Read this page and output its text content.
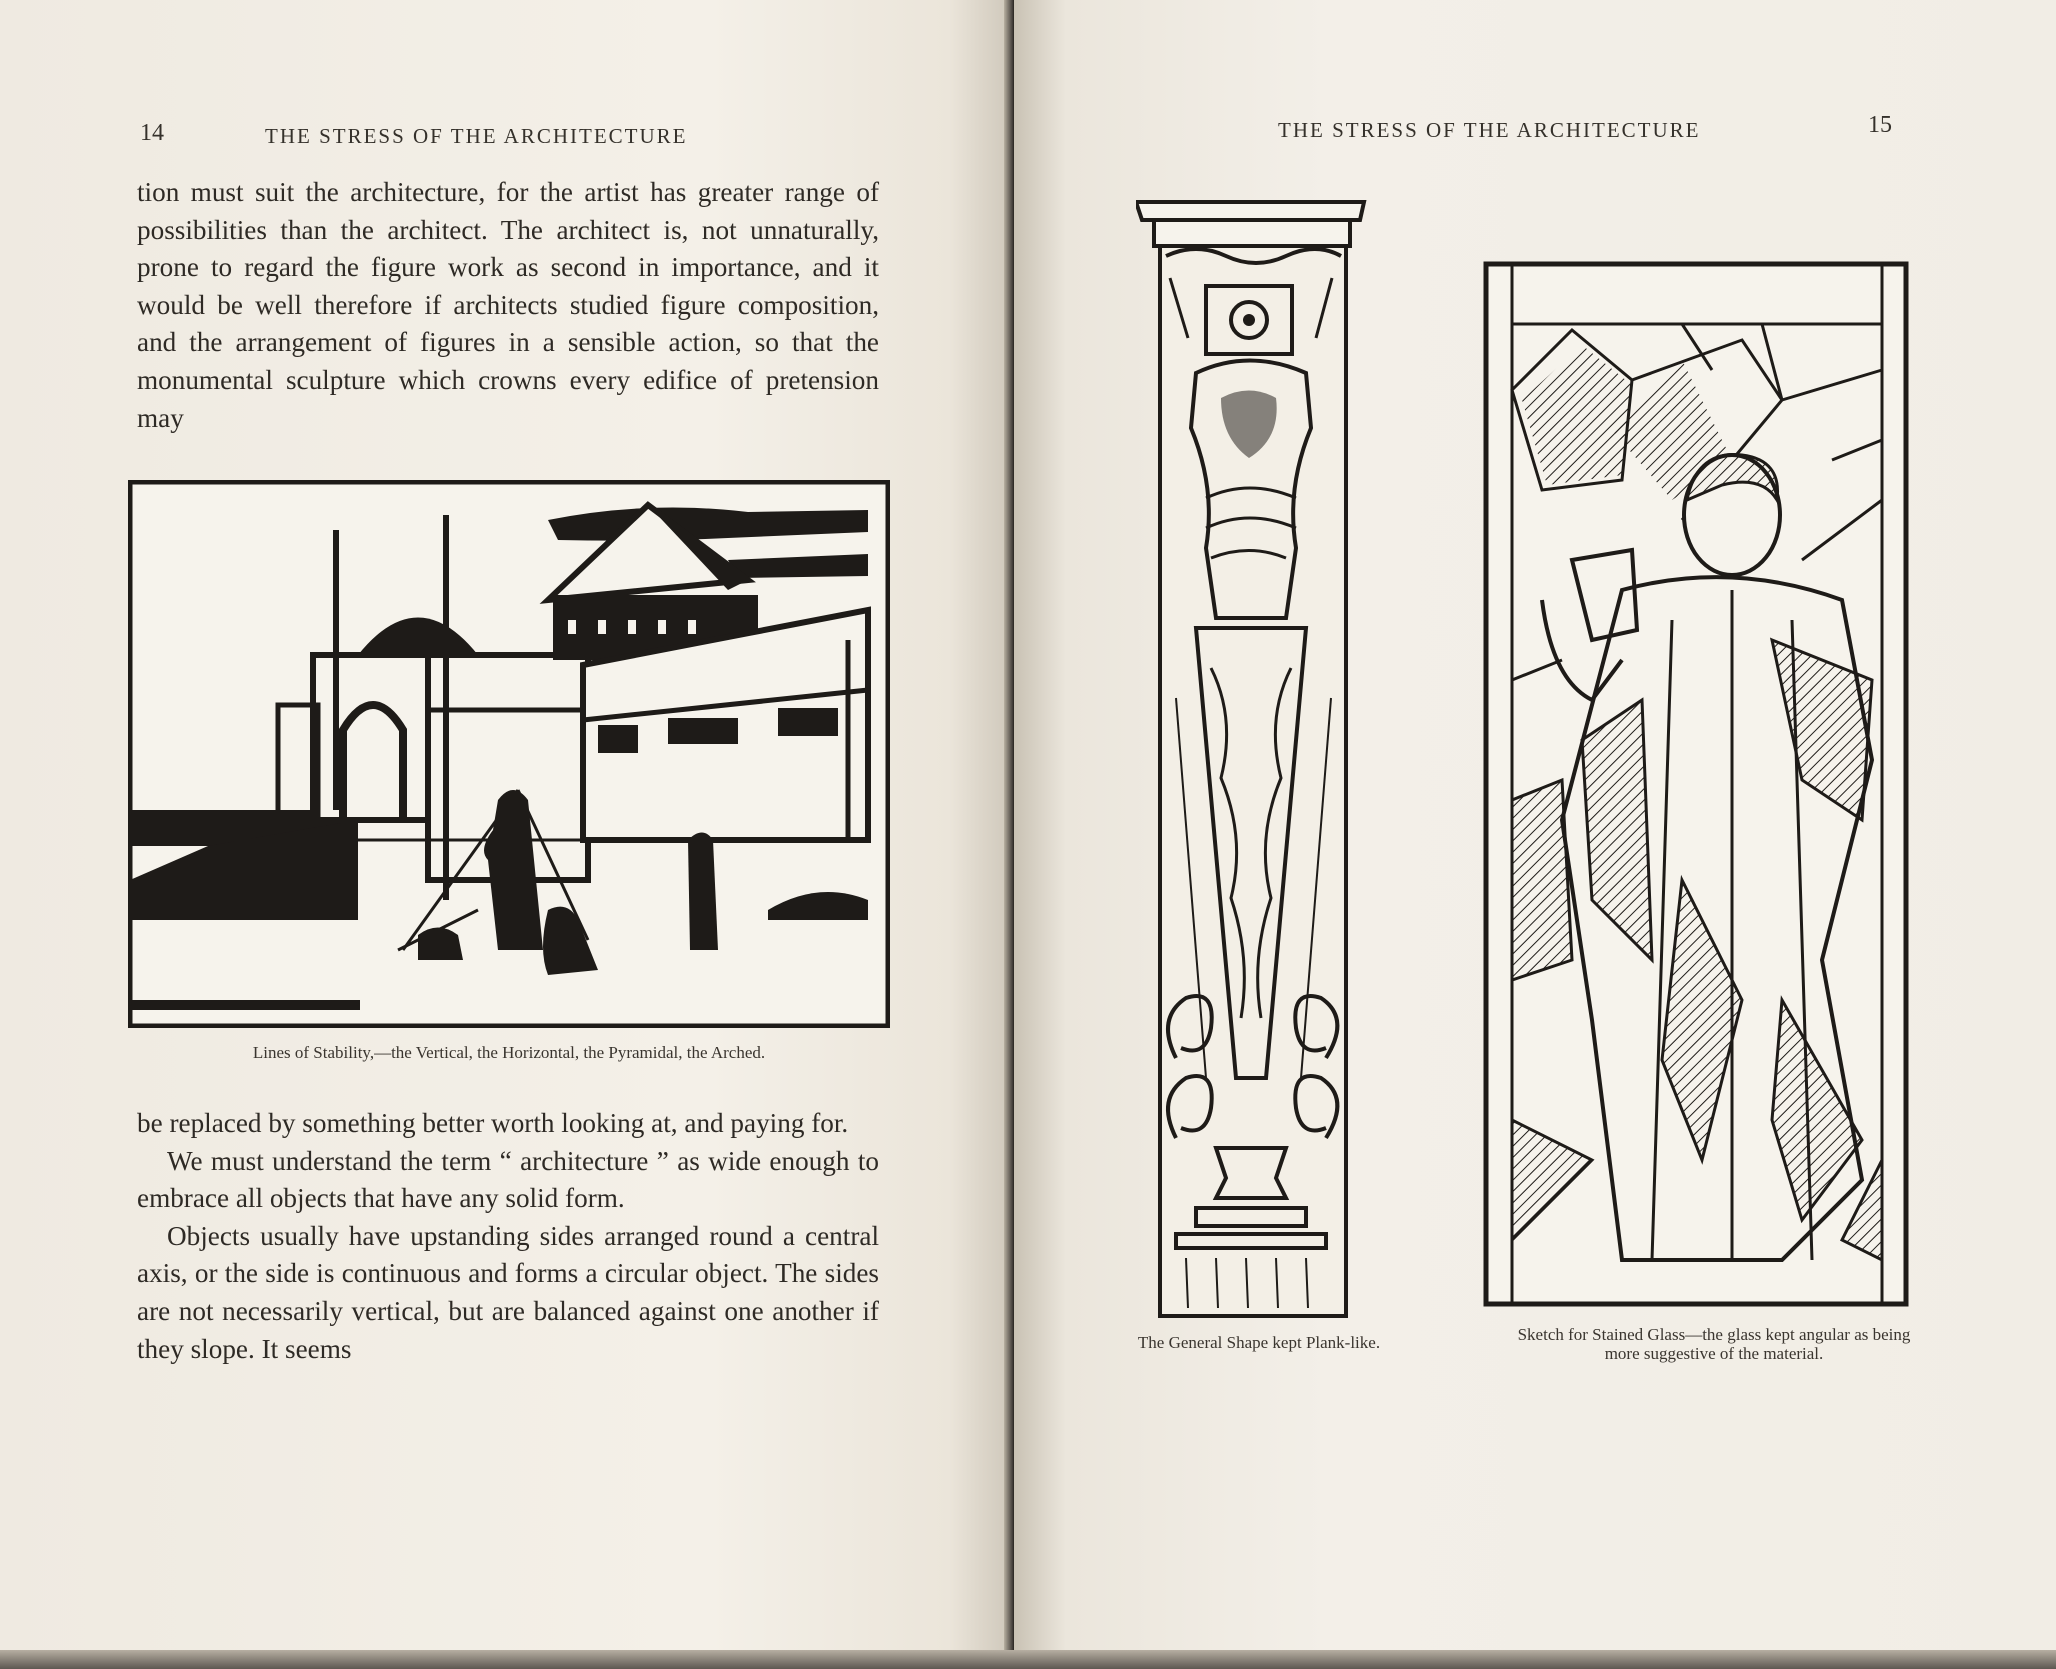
14	THE STRESS OF THE ARCHITECTURE

tion must suit the architecture, for the artist has greater range of possibilities than the architect. The architect is, not unnaturally, prone to regard the figure work as second in importance, and it would be well therefore if architects studied figure composition, and the arrangement of figures in a sensible action, so that the monumental sculpture which crowns every edifice of pretension may

Lines of Stability,—the Vertical, the Horizontal, the Pyramidal, the Arched.

be replaced by something better worth looking at, and paying for.

We must understand the term “ architecture ” as wide enough to embrace all objects that have any solid form.

Objects usually have upstanding sides arranged round a central axis, or the side is continuous and forms a circular object. The sides are not necessarily vertical, but are balanced against one another if they slope. It seems

THE STRESS OF THE ARCHITECTURE	15
The General Shape kept Plank-like.	Sketch for Stained Glass—the glass kept angular as being more suggestive of the material.
